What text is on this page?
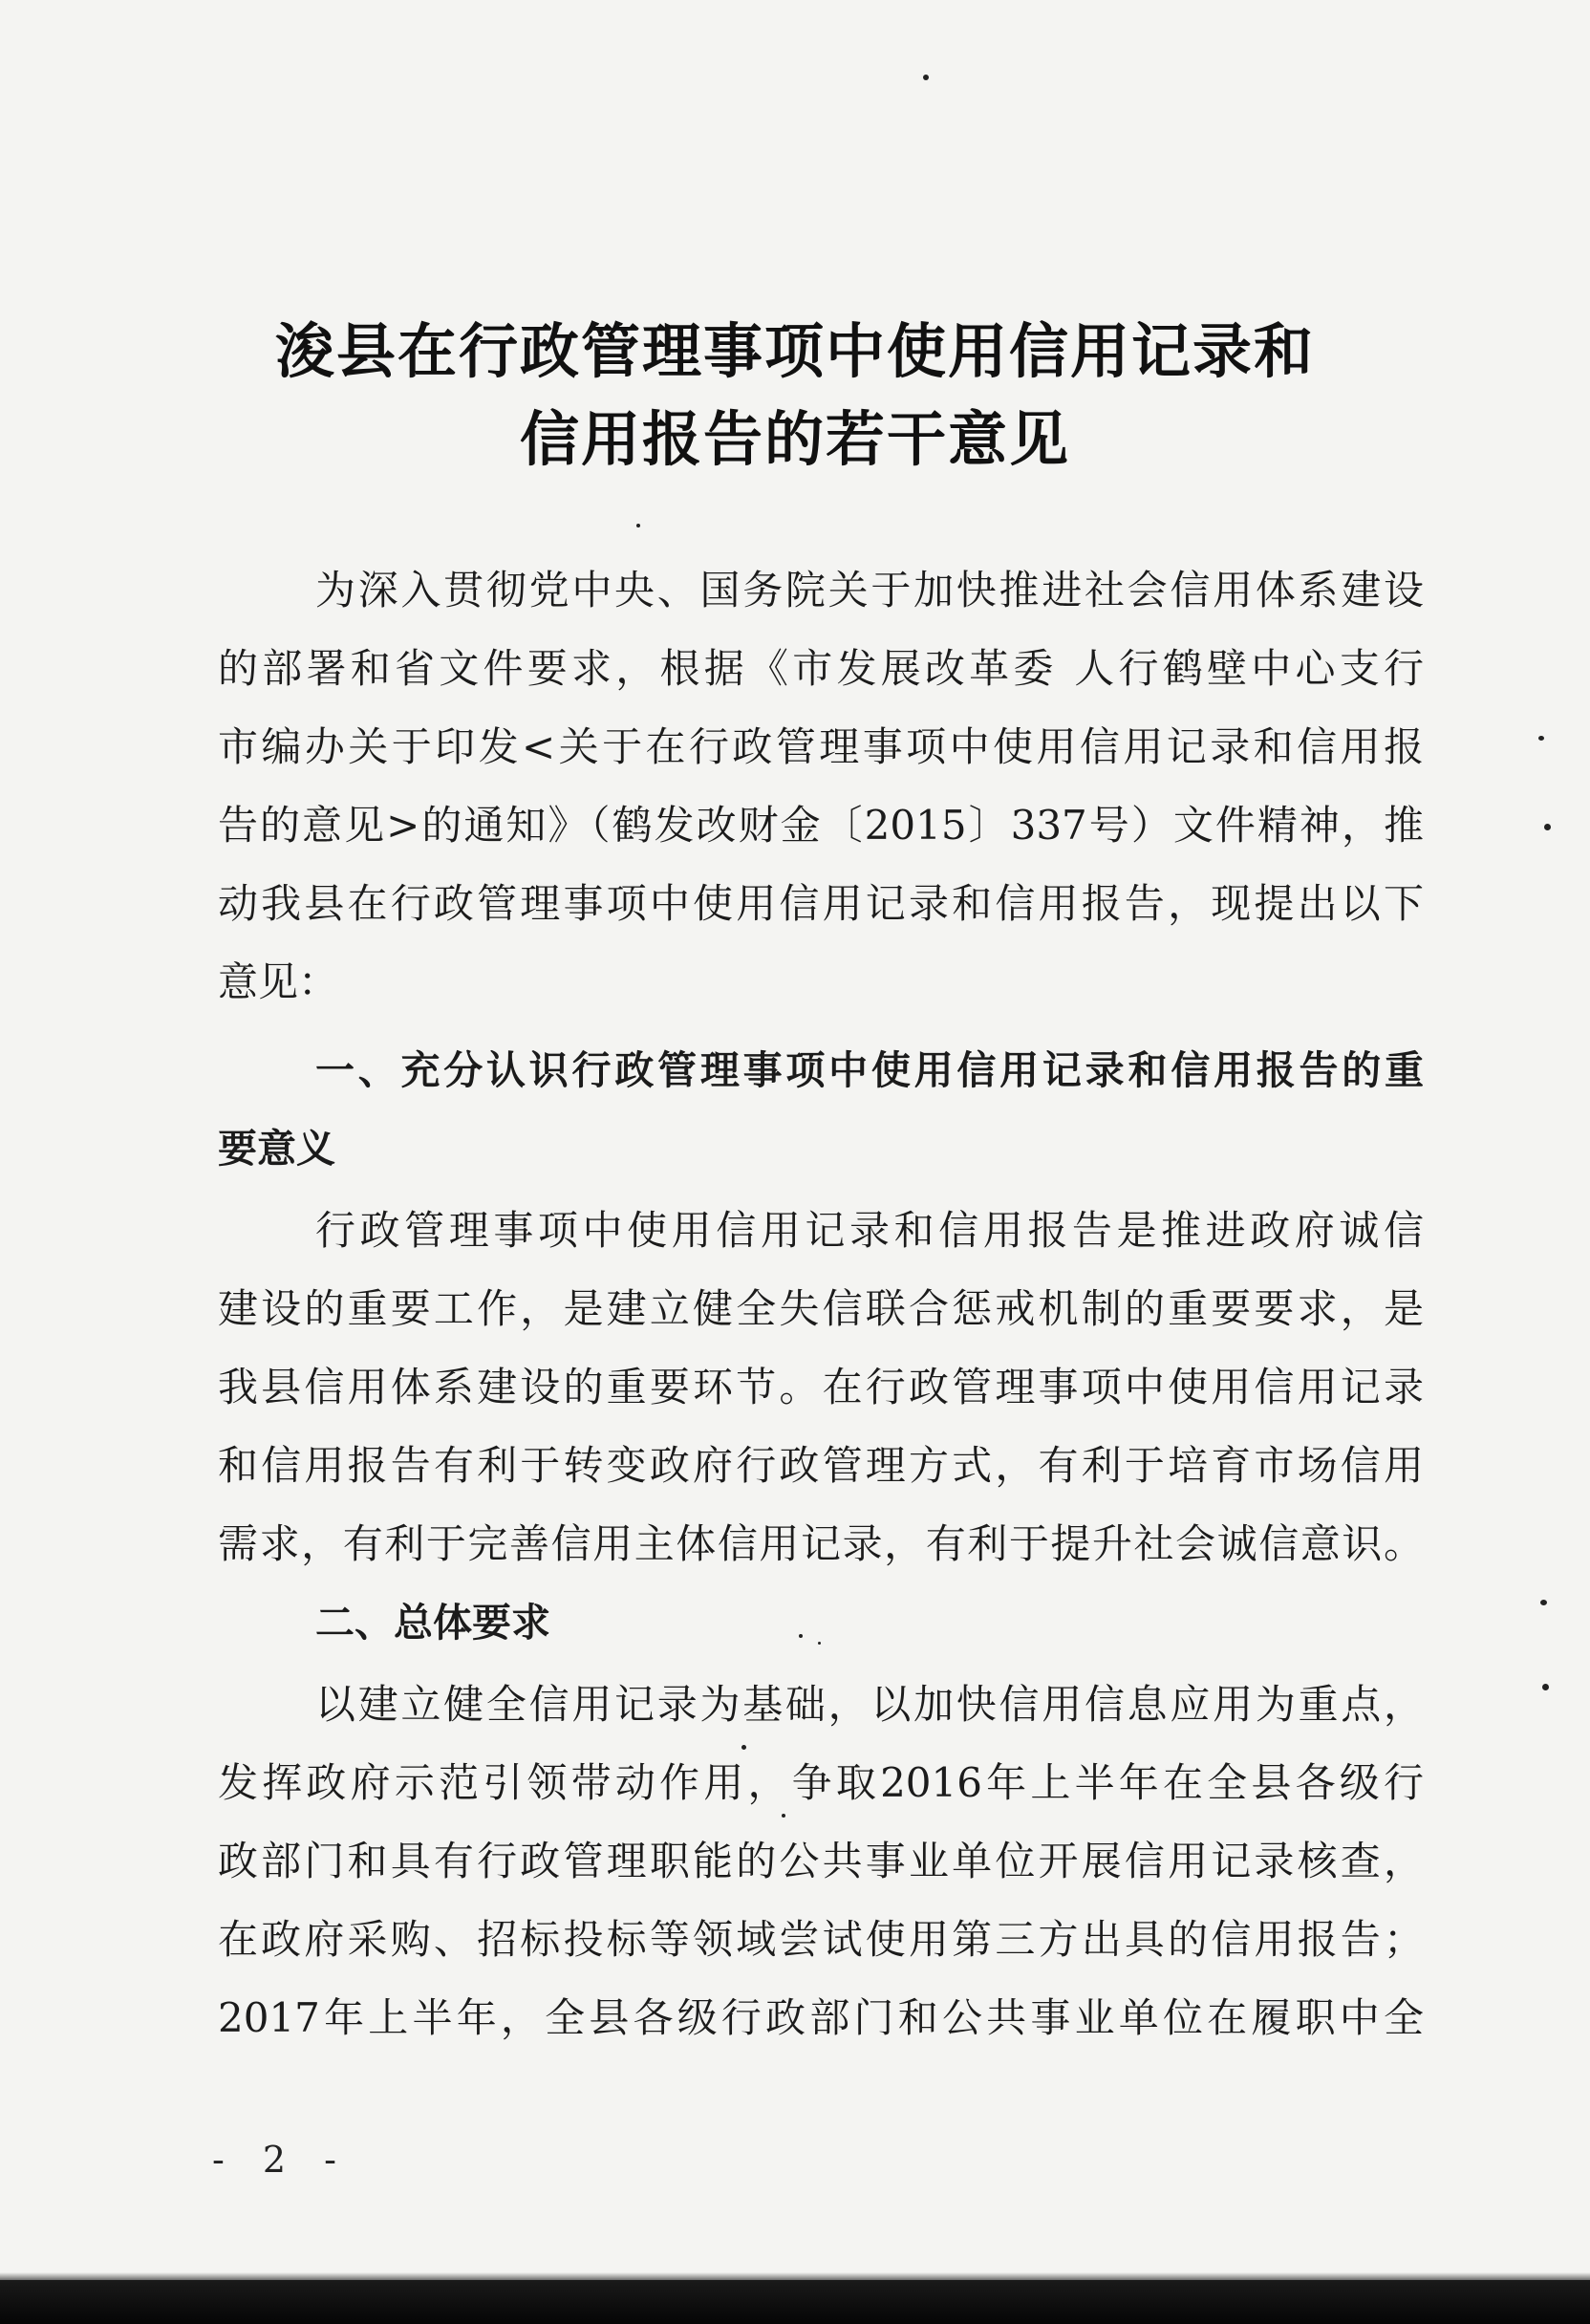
浚县在行政管理事项中使用信用记录和
信用报告的若干意见
为深入贯彻党中央、国务院关于加快推进社会信用体系建设
的部署和省文件要求，根据《市发展改革委 人行鹤壁中心支行
市编办关于印发<关于在行政管理事项中使用信用记录和信用报
告的意见>的通知》（鹤发改财金〔2015〕337号）文件精神，推
动我县在行政管理事项中使用信用记录和信用报告，现提出以下
意见：
一、充分认识行政管理事项中使用信用记录和信用报告的重
要意义
行政管理事项中使用信用记录和信用报告是推进政府诚信
建设的重要工作，是建立健全失信联合惩戒机制的重要要求，是
我县信用体系建设的重要环节。在行政管理事项中使用信用记录
和信用报告有利于转变政府行政管理方式，有利于培育市场信用
需求，有利于完善信用主体信用记录，有利于提升社会诚信意识。
二、总体要求
以建立健全信用记录为基础，以加快信用信息应用为重点，
发挥政府示范引领带动作用，争取2016年上半年在全县各级行
政部门和具有行政管理职能的公共事业单位开展信用记录核查，
在政府采购、招标投标等领域尝试使用第三方出具的信用报告；
2017年上半年，全县各级行政部门和公共事业单位在履职中全
- 2 -
